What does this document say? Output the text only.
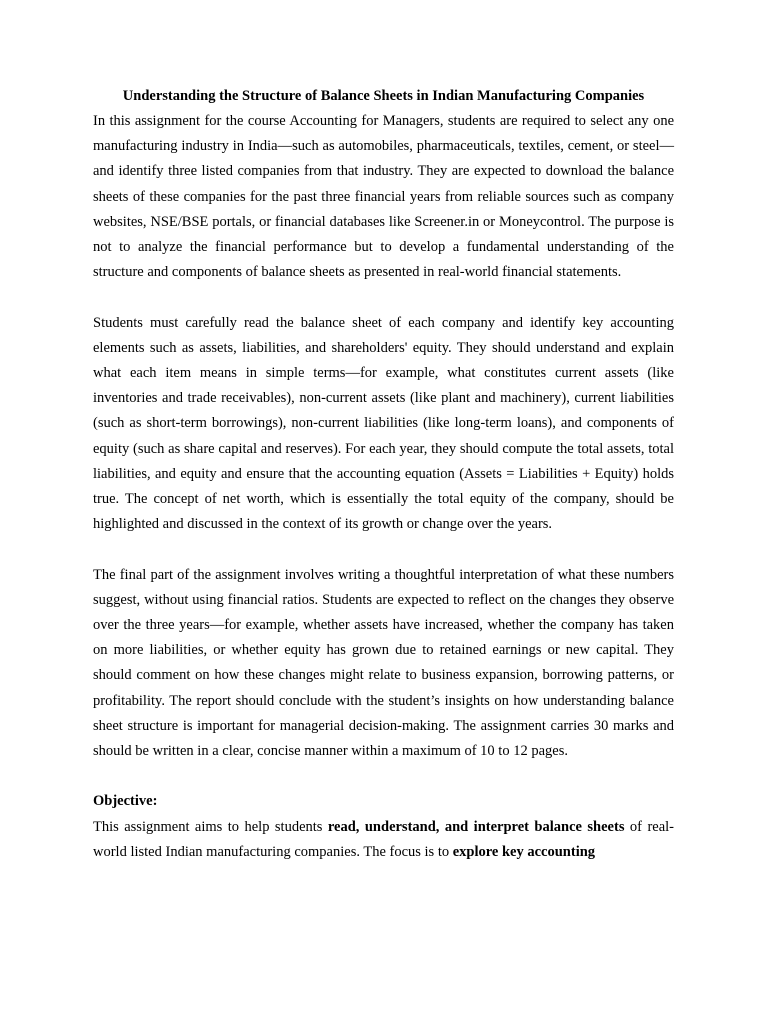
Understanding the Structure of Balance Sheets in Indian Manufacturing Companies

In this assignment for the course Accounting for Managers, students are required to select any one manufacturing industry in India—such as automobiles, pharmaceuticals, textiles, cement, or steel—and identify three listed companies from that industry. They are expected to download the balance sheets of these companies for the past three financial years from reliable sources such as company websites, NSE/BSE portals, or financial databases like Screener.in or Moneycontrol. The purpose is not to analyze the financial performance but to develop a fundamental understanding of the structure and components of balance sheets as presented in real-world financial statements.

Students must carefully read the balance sheet of each company and identify key accounting elements such as assets, liabilities, and shareholders' equity. They should understand and explain what each item means in simple terms—for example, what constitutes current assets (like inventories and trade receivables), non-current assets (like plant and machinery), current liabilities (such as short-term borrowings), non-current liabilities (like long-term loans), and components of equity (such as share capital and reserves). For each year, they should compute the total assets, total liabilities, and equity and ensure that the accounting equation (Assets = Liabilities + Equity) holds true. The concept of net worth, which is essentially the total equity of the company, should be highlighted and discussed in the context of its growth or change over the years.

The final part of the assignment involves writing a thoughtful interpretation of what these numbers suggest, without using financial ratios. Students are expected to reflect on the changes they observe over the three years—for example, whether assets have increased, whether the company has taken on more liabilities, or whether equity has grown due to retained earnings or new capital. They should comment on how these changes might relate to business expansion, borrowing patterns, or profitability. The report should conclude with the student’s insights on how understanding balance sheet structure is important for managerial decision-making. The assignment carries 30 marks and should be written in a clear, concise manner within a maximum of 10 to 12 pages.

Objective:

This assignment aims to help students read, understand, and interpret balance sheets of real-world listed Indian manufacturing companies. The focus is to explore key accounting
